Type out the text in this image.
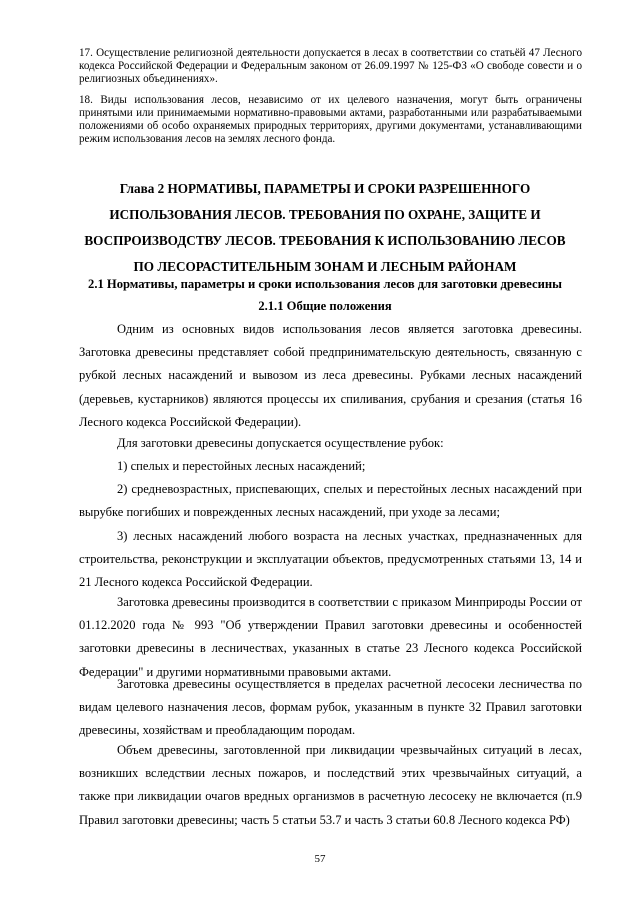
17. Осуществление религиозной деятельности допускается в лесах в соответствии со статьёй 47 Лесного кодекса Российской Федерации и Федеральным законом от 26.09.1997 № 125-ФЗ «О свободе совести и о религиозных объединениях».
18. Виды использования лесов, независимо от их целевого назначения, могут быть ограничены принятыми или принимаемыми нормативно-правовыми актами, разработанными или разрабатываемыми положениями об особо охраняемых природных территориях, другими документами, устанавливающими режим использования лесов на землях лесного фонда.
Глава 2 НОРМАТИВЫ, ПАРАМЕТРЫ И СРОКИ РАЗРЕШЕННОГО
ИСПОЛЬЗОВАНИЯ ЛЕСОВ. ТРЕБОВАНИЯ ПО ОХРАНЕ, ЗАЩИТЕ И
ВОСПРОИЗВОДСТВУ ЛЕСОВ. ТРЕБОВАНИЯ К ИСПОЛЬЗОВАНИЮ ЛЕСОВ
ПО ЛЕСОРАСТИТЕЛЬНЫМ ЗОНАМ И ЛЕСНЫМ РАЙОНАМ
2.1 Нормативы, параметры и сроки использования лесов для заготовки древесины
2.1.1 Общие положения
Одним из основных видов использования лесов является заготовка древесины. Заготовка древесины представляет собой предпринимательскую деятельность, связанную с рубкой лесных насаждений и вывозом из леса древесины. Рубками лесных насаждений (деревьев, кустарников) являются процессы их спиливания, срубания и срезания (статья 16 Лесного кодекса Российской Федерации).
Для заготовки древесины допускается осуществление рубок:
1) спелых и перестойных лесных насаждений;
2) средневозрастных, приспевающих, спелых и перестойных лесных насаждений при вырубке погибших и поврежденных лесных насаждений, при уходе за лесами;
3) лесных насаждений любого возраста на лесных участках, предназначенных для строительства, реконструкции и эксплуатации объектов, предусмотренных статьями 13, 14 и 21 Лесного кодекса Российской Федерации.
Заготовка древесины производится в соответствии с приказом Минприроды России от 01.12.2020 года № 993 "Об утверждении Правил заготовки древесины и особенностей заготовки древесины в лесничествах, указанных в статье 23 Лесного кодекса Российской Федерации" и другими нормативными правовыми актами.
Заготовка древесины осуществляется в пределах расчетной лесосеки лесничества по видам целевого назначения лесов, формам рубок, указанным в пункте 32 Правил заготовки древесины, хозяйствам и преобладающим породам.
Объем древесины, заготовленной при ликвидации чрезвычайных ситуаций в лесах, возникших вследствии лесных пожаров, и последствий этих чрезвычайных ситуаций, а также при ликвидации очагов вредных организмов в расчетную лесосеку не включается (п.9 Правил заготовки древесины; часть 5 статьи 53.7 и часть 3 статьи 60.8 Лесного кодекса РФ)
57
